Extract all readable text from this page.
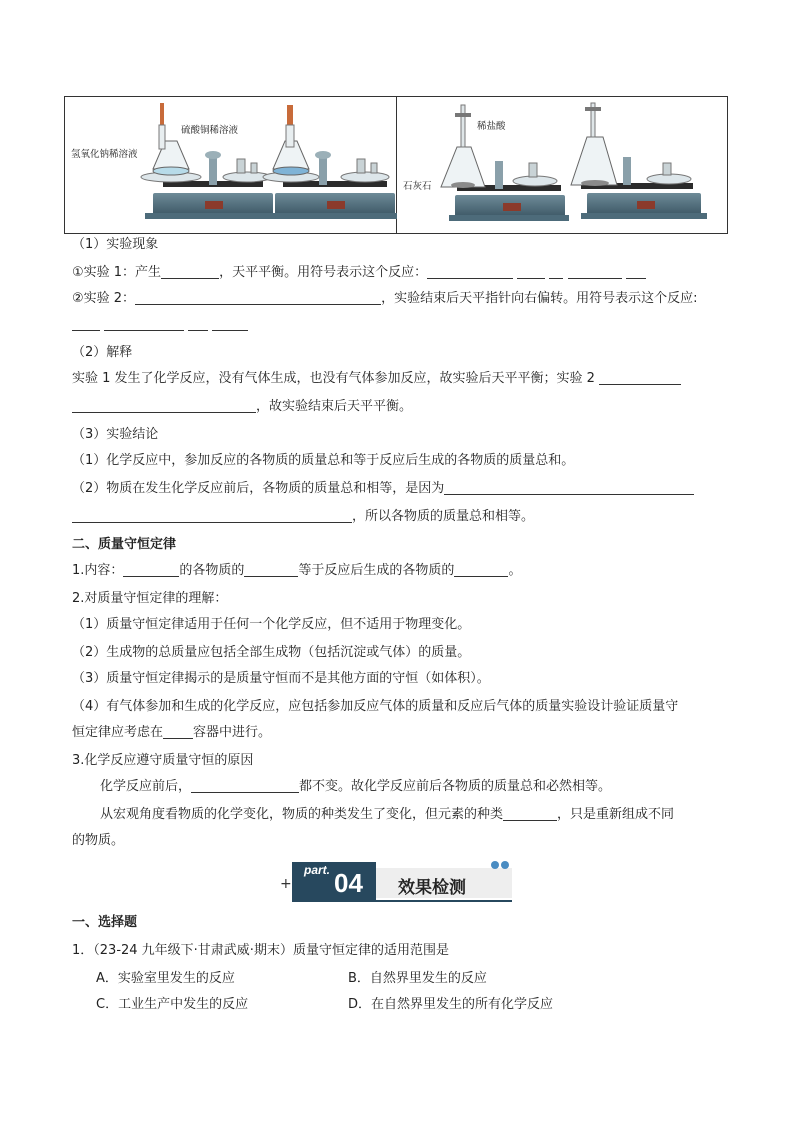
硫酸铜稀溶液
氢氧化钠稀溶液
稀盐酸
石灰石
（1）实验现象
①实验 1：产生	，天平平衡。用符号表示这个反应：
②实验 2：	，实验结束后天平指针向右偏转。用符号表示这个反应:

（2）解释
实验 1 发生了化学反应，没有气体生成，也没有气体参加反应，故实验后天平平衡；实验 2
，故实验结束后天平平衡。
（3）实验结论
（1）化学反应中，参加反应的各物质的质量总和等于反应后生成的各物质的质量总和。
（2）物质在发生化学反应前后，各物质的质量总和相等，是因为
，所以各物质的质量总和相等。
二、质量守恒定律
1.内容：	的各物质的	等于反应后生成的各物质的	。
2.对质量守恒定律的理解：
（1）质量守恒定律适用于任何一个化学反应，但不适用于物理变化。
（2）生成物的总质量应包括全部生成物（包括沉淀或气体）的质量。
（3）质量守恒定律揭示的是质量守恒而不是其他方面的守恒（如体积）。
（4）有气体参加和生成的化学反应，应包括参加反应气体的质量和反应后气体的质量实验设计验证质量守
恒定律应考虑在 容器中进行。
3.化学反应遵守质量守恒的原因
化学反应前后，	都不变。故化学反应前后各物质的质量总和必然相等。
从宏观角度看物质的化学变化，物质的种类发生了变化，但元素的种类	，只是重新组成不同
的物质。
+
part. 04 效果检测
一、选择题
1．（23-24 九年级下·甘肃武威·期末）质量守恒定律的适用范围是
A．实验室里发生的反应	B．自然界里发生的反应
C．工业生产中发生的反应	D．在自然界里发生的所有化学反应
